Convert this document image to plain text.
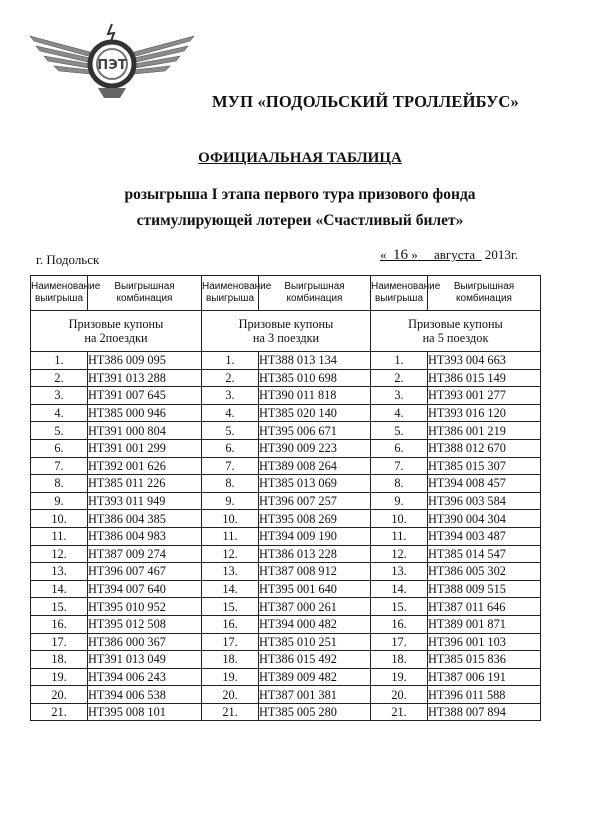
ПЭТ
МУП «ПОДОЛЬСКИЙ ТРОЛЛЕЙБУС»
ОФИЦИАЛЬНАЯ ТАБЛИЦА
розыгрыша I этапа первого тура призового фонда
стимулирующей лотереи «Счастливый билет»
г. Подольск	« 16 » августа 2013г.
Наименование выигрыша	Выигрышная комбинация	Наименование выигрыша	Выигрышная комбинация	Наименование выигрыша	Выигрышная комбинация

Призовые купоны
на 2поездки		Призовые купоны
на 3 поездки		Призовые купоны
на 5 поездок	

1.	НТ386 009 095	1.	НТ388 013 134	1.	НТ393 004 663
2.	НТ391 013 288	2.	НТ385 010 698	2.	НТ386 015 149
3.	НТ391 007 645	3.	НТ390 011 818	3.	НТ393 001 277
4.	НТ385 000 946	4.	НТ385 020 140	4.	НТ393 016 120
5.	НТ391 000 804	5.	НТ395 006 671	5.	НТ386 001 219
6.	НТ391 001 299	6.	НТ390 009 223	6.	НТ388 012 670
7.	НТ392 001 626	7.	НТ389 008 264	7.	НТ385 015 307
8.	НТ385 011 226	8.	НТ385 013 069	8.	НТ394 008 457
9.	НТ393 011 949	9.	НТ396 007 257	9.	НТ396 003 584
10.	НТ386 004 385	10.	НТ395 008 269	10.	НТ390 004 304
11.	НТ386 004 983	11.	НТ394 009 190	11.	НТ394 003 487
12.	НТ387 009 274	12.	НТ386 013 228	12.	НТ385 014 547
13.	НТ396 007 467	13.	НТ387 008 912	13.	НТ386 005 302
14.	НТ394 007 640	14.	НТ395 001 640	14.	НТ388 009 515
15.	НТ395 010 952	15.	НТ387 000 261	15.	НТ387 011 646
16.	НТ395 012 508	16.	НТ394 000 482	16.	НТ389 001 871
17.	НТ386 000 367	17.	НТ385 010 251	17.	НТ396 001 103
18.	НТ391 013 049	18.	НТ386 015 492	18.	НТ385 015 836
19.	НТ394 006 243	19.	НТ389 009 482	19.	НТ387 006 191
20.	НТ394 006 538	20.	НТ387 001 381	20.	НТ396 011 588
21.	НТ395 008 101	21.	НТ385 005 280	21.	НТ388 007 894
